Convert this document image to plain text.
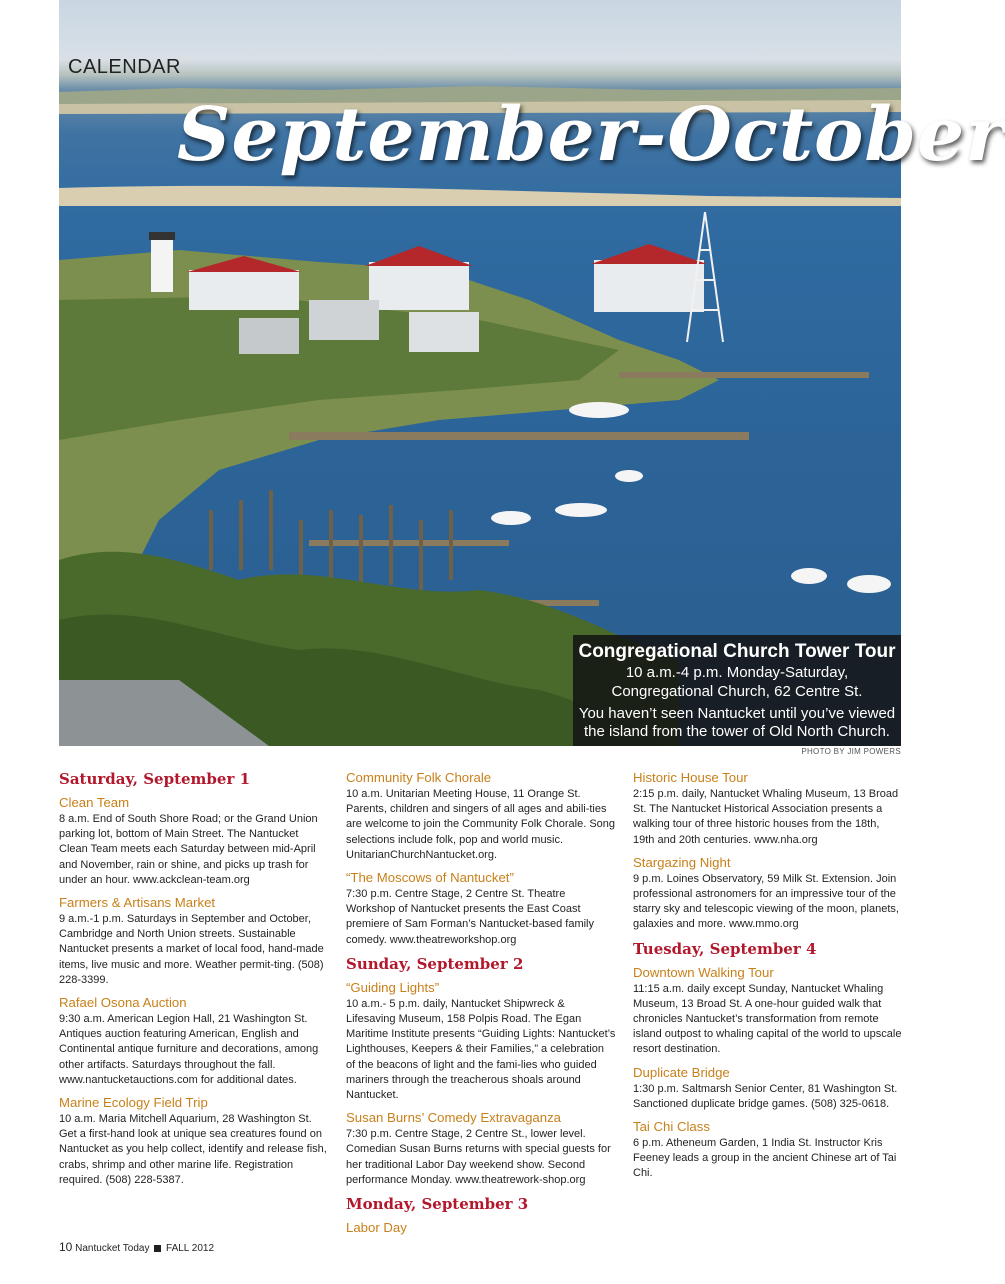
CALENDAR
September-October
Congregational Church Tower Tour
10 a.m.-4 p.m. Monday-Saturday,
Congregational Church, 62 Centre St.
You haven’t seen Nantucket until you’ve viewed the island from the tower of Old North Church.
PHOTO BY JIM POWERS
Saturday, September 1
Clean Team
8 a.m. End of South Shore Road; or the Grand Union parking lot, bottom of Main Street. The Nantucket Clean Team meets each Saturday between mid-April and November, rain or shine, and picks up trash for under an hour. www.ackclean-team.org
Farmers & Artisans Market
9 a.m.-1 p.m. Saturdays in September and October, Cambridge and North Union streets. Sustainable Nantucket presents a market of local food, hand-made items, live music and more. Weather permit-ting. (508) 228-3399.
Rafael Osona Auction
9:30 a.m. American Legion Hall, 21 Washington St. Antiques auction featuring American, English and Continental antique furniture and decorations, among other artifacts. Saturdays throughout the fall. www.nantucketauctions.com for additional dates.
Marine Ecology Field Trip
10 a.m. Maria Mitchell Aquarium, 28 Washington St. Get a first-hand look at unique sea creatures found on Nantucket as you help collect, identify and release fish, crabs, shrimp and other marine life. Registration required. (508) 228-5387.
Community Folk Chorale
10 a.m. Unitarian Meeting House, 11 Orange St. Parents, children and singers of all ages and abili-ties are welcome to join the Community Folk Chorale. Song selections include folk, pop and world music. UnitarianChurchNantucket.org.
“The Moscows of Nantucket”
7:30 p.m. Centre Stage, 2 Centre St. Theatre Workshop of Nantucket presents the East Coast premiere of Sam Forman’s Nantucket-based family comedy. www.theatreworkshop.org
Sunday, September 2
“Guiding Lights”
10 a.m.- 5 p.m. daily, Nantucket Shipwreck & Lifesaving Museum, 158 Polpis Road. The Egan Maritime Institute presents “Guiding Lights: Nantucket’s Lighthouses, Keepers & their Families,” a celebration of the beacons of light and the fami-lies who guided mariners through the treacherous shoals around Nantucket.
Susan Burns’ Comedy Extravaganza
7:30 p.m. Centre Stage, 2 Centre St., lower level. Comedian Susan Burns returns with special guests for her traditional Labor Day weekend show. Second performance Monday. www.theatrework-shop.org
Monday, September 3
Labor Day
Historic House Tour
2:15 p.m. daily, Nantucket Whaling Museum, 13 Broad St. The Nantucket Historical Association presents a walking tour of three historic houses from the 18th, 19th and 20th centuries. www.nha.org
Stargazing Night
9 p.m. Loines Observatory, 59 Milk St. Extension. Join professional astronomers for an impressive tour of the starry sky and telescopic viewing of the moon, planets, galaxies and more. www.mmo.org
Tuesday, September 4
Downtown Walking Tour
11:15 a.m. daily except Sunday, Nantucket Whaling Museum, 13 Broad St. A one-hour guided walk that chronicles Nantucket’s transformation from remote island outpost to whaling capital of the world to upscale resort destination.
Duplicate Bridge
1:30 p.m. Saltmarsh Senior Center, 81 Washington St. Sanctioned duplicate bridge games. (508) 325-0618.
Tai Chi Class
6 p.m. Atheneum Garden, 1 India St. Instructor Kris Feeney leads a group in the ancient Chinese art of Tai Chi.
10 Nantucket Today FALL 2012
